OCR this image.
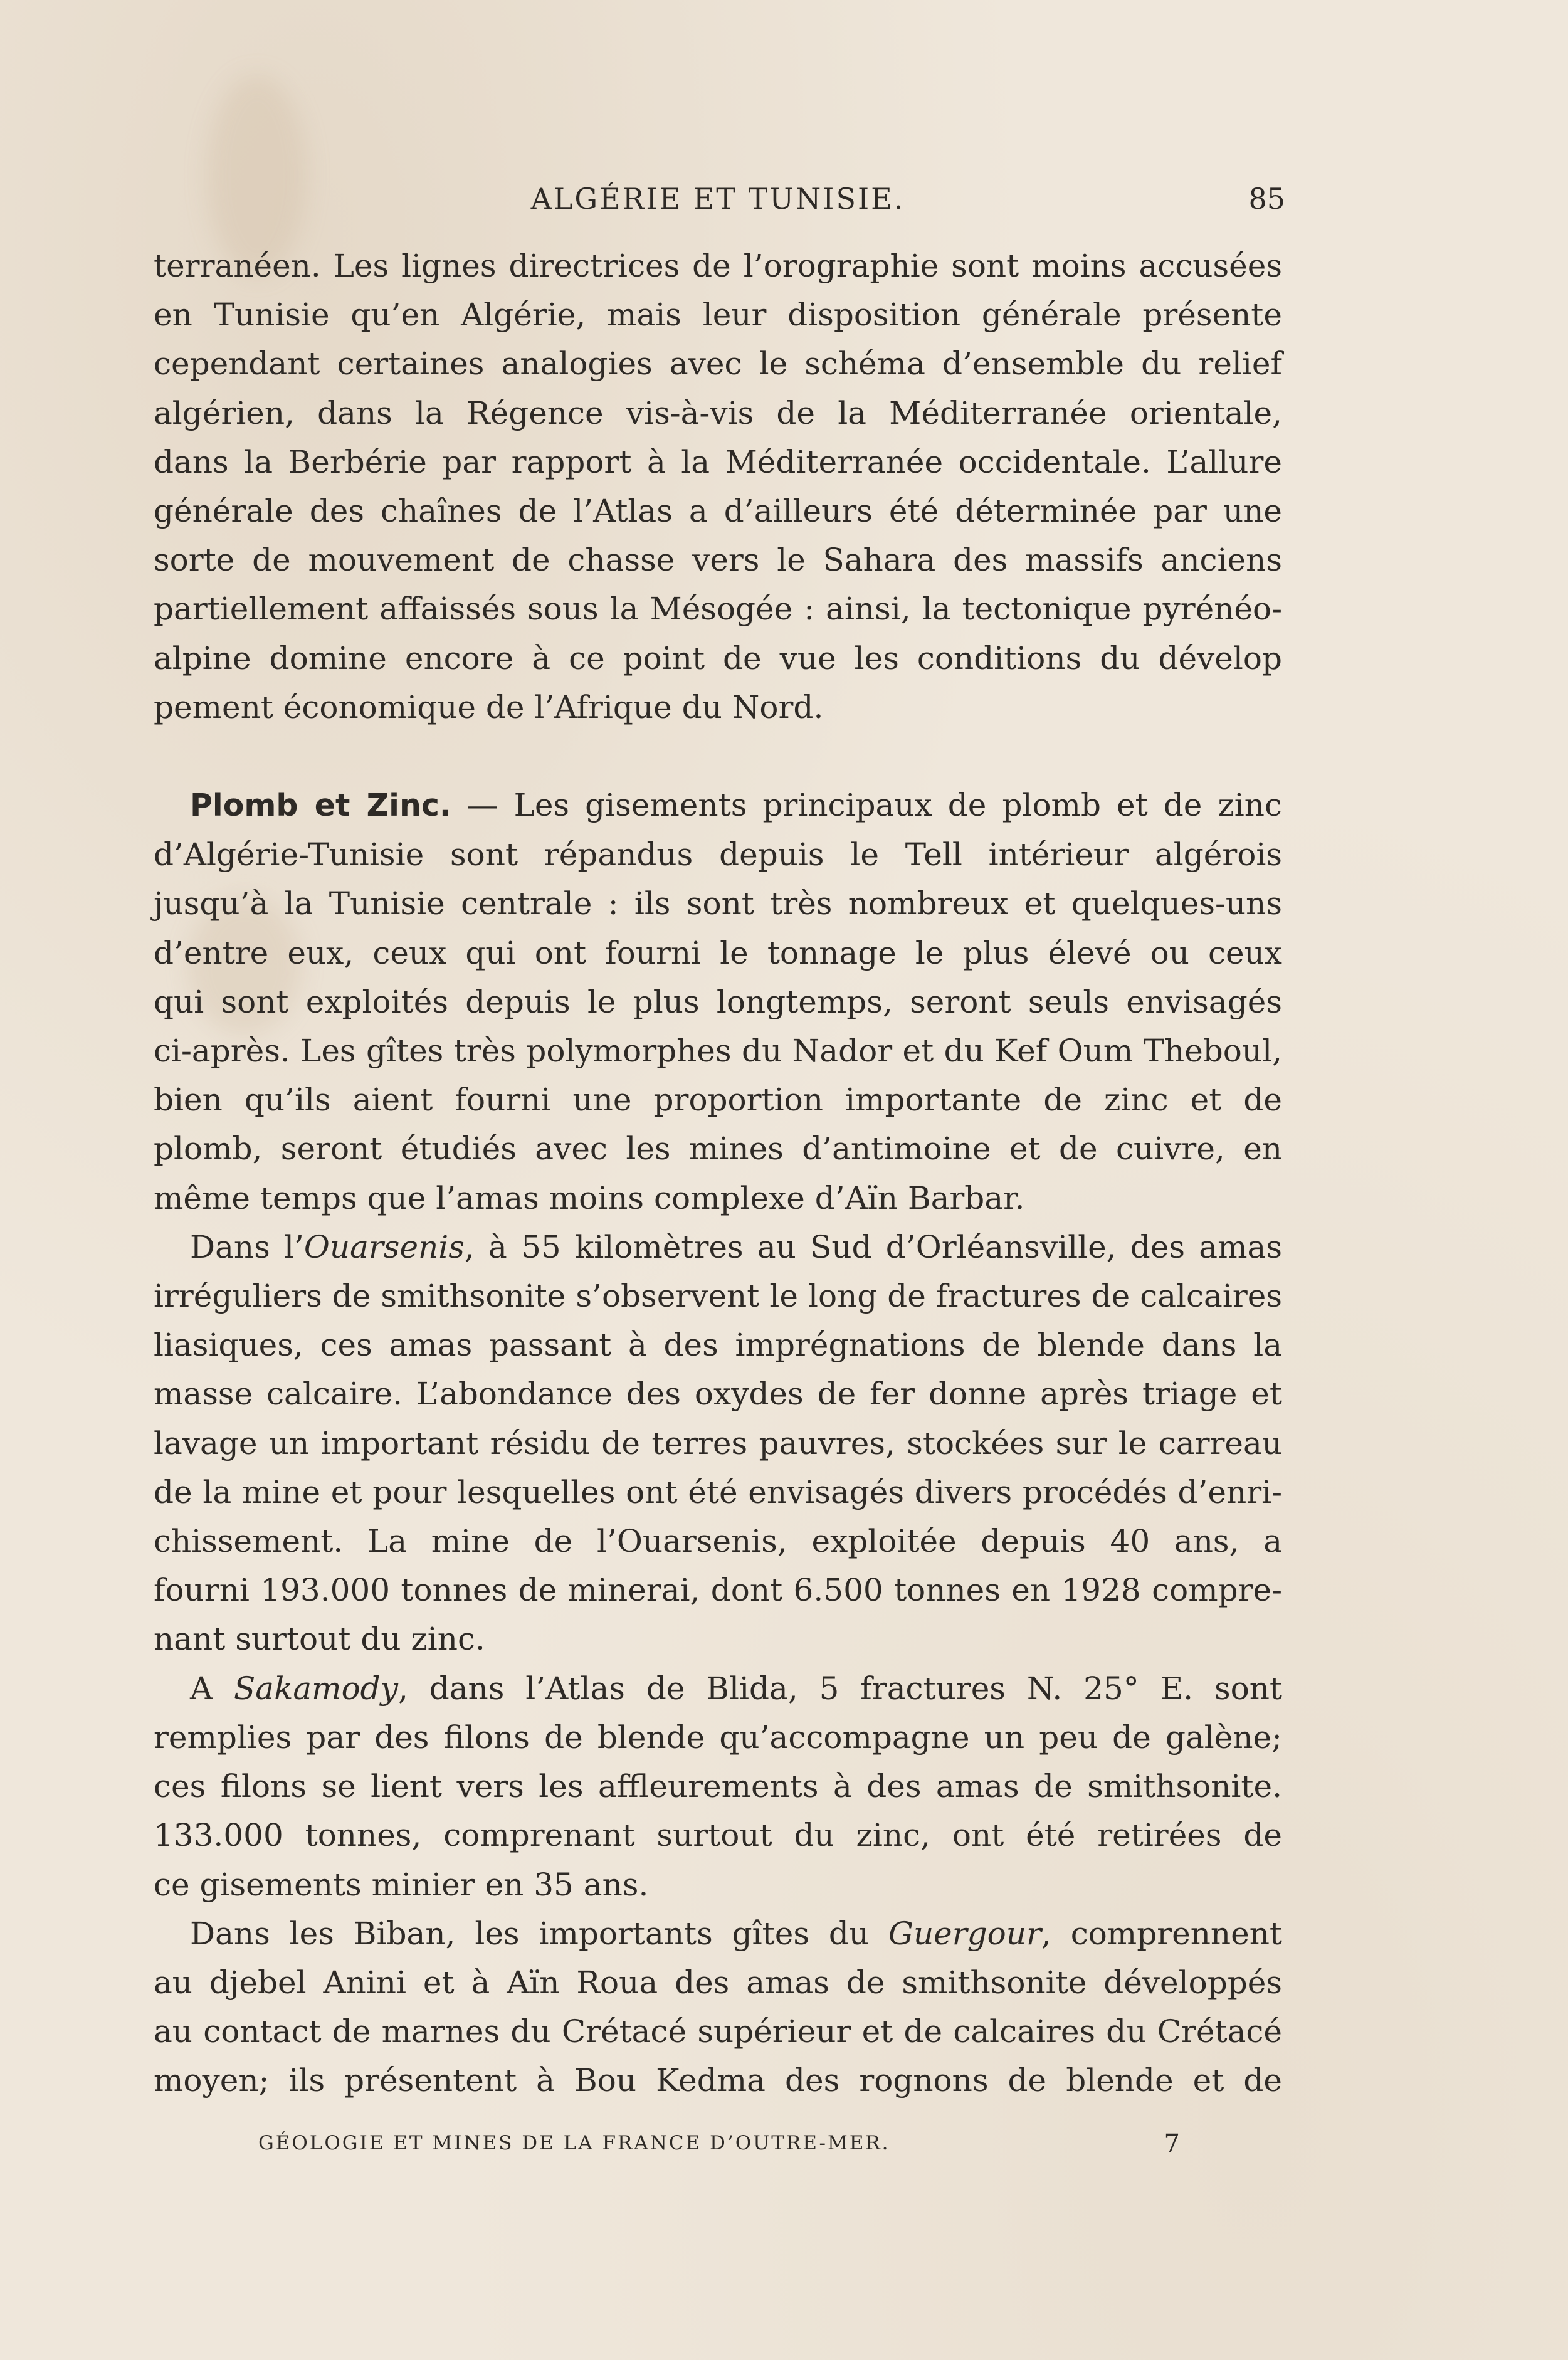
ALGÉRIE ET TUNISIE.	85

terranéen. Les lignes directrices de l’orographie sont moins accusées

en Tunisie qu’en Algérie, mais leur disposition générale présente

cependant certaines analogies avec le schéma d’ensemble du relief

algérien, dans la Régence vis-à-vis de la Méditerranée orientale,

dans la Berbérie par rapport à la Méditerranée occidentale. L’allure

générale des chaînes de l’Atlas a d’ailleurs été déterminée par une

sorte de mouvement de chasse vers le Sahara des massifs anciens

partiellement affaissés sous la Mésogée : ainsi, la tectonique pyrénéo-

alpine domine encore à ce point de vue les conditions du dévelop

pement économique de l’Afrique du Nord.

Plomb et Zinc. — Les gisements principaux de plomb et de zinc

d’Algérie-Tunisie sont répandus depuis le Tell intérieur algérois

jusqu’à la Tunisie centrale : ils sont très nombreux et quelques-uns

d’entre eux, ceux qui ont fourni le tonnage le plus élevé ou ceux

qui sont exploités depuis le plus longtemps, seront seuls envisagés

ci-après. Les gîtes très polymorphes du Nador et du Kef Oum Theboul,

bien qu’ils aient fourni une proportion importante de zinc et de

plomb, seront étudiés avec les mines d’antimoine et de cuivre, en

même temps que l’amas moins complexe d’Aïn Barbar.

Dans l’Ouarsenis, à 55 kilomètres au Sud d’Orléansville, des amas

irréguliers de smithsonite s’observent le long de fractures de calcaires

liasiques, ces amas passant à des imprégnations de blende dans la

masse calcaire. L’abondance des oxydes de fer donne après triage et

lavage un important résidu de terres pauvres, stockées sur le carreau

de la mine et pour lesquelles ont été envisagés divers procédés d’enri-

chissement. La mine de l’Ouarsenis, exploitée depuis 40 ans, a

fourni 193.000 tonnes de minerai, dont 6.500 tonnes en 1928 compre-

nant surtout du zinc.

A Sakamody, dans l’Atlas de Blida, 5 fractures N. 25° E. sont

remplies par des filons de blende qu’accompagne un peu de galène;

ces filons se lient vers les affleurements à des amas de smithsonite.

133.000 tonnes, comprenant surtout du zinc, ont été retirées de

ce gisements minier en 35 ans.

Dans les Biban, les importants gîtes du Guergour, comprennent

au djebel Anini et à Aïn Roua des amas de smithsonite développés

au contact de marnes du Crétacé supérieur et de calcaires du Crétacé

moyen; ils présentent à Bou Kedma des rognons de blende et de

GÉOLOGIE ET MINES DE LA FRANCE D’OUTRE-MER.	7
